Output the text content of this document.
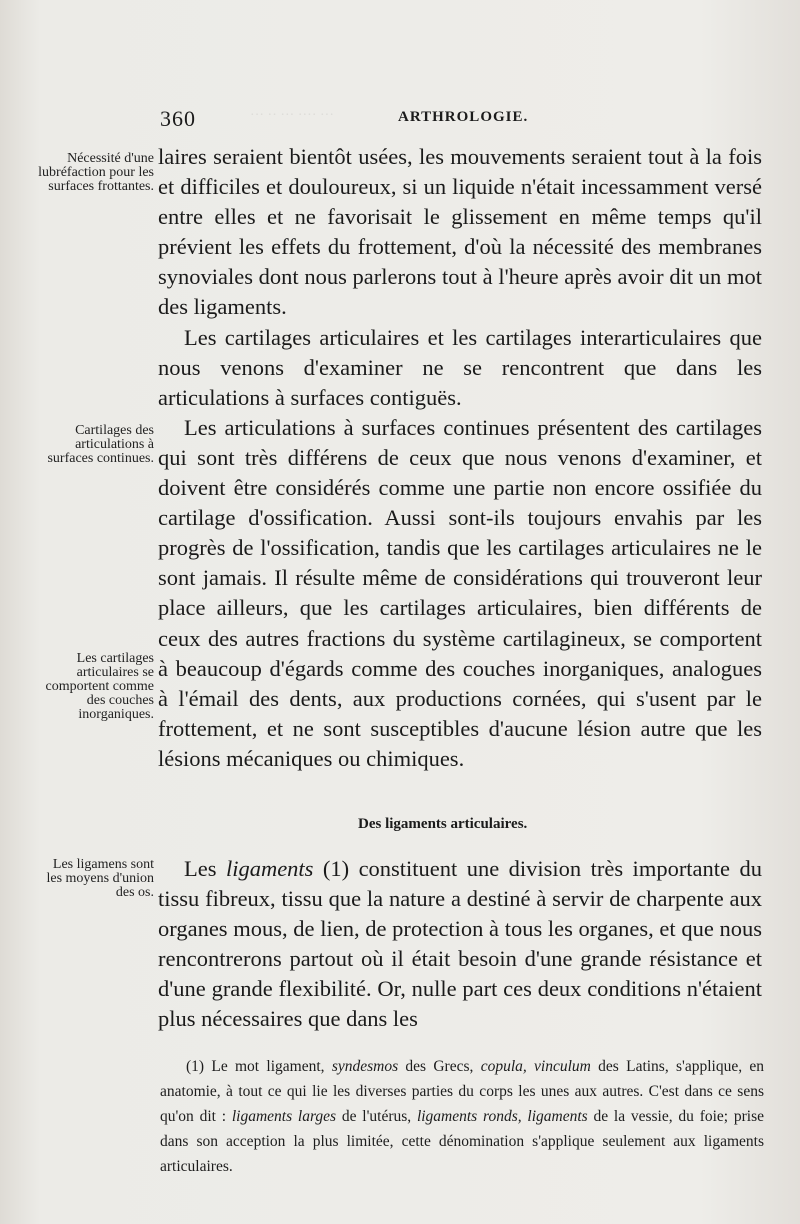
··· ···· ··· ·· ···
360	ARTHROLOGIE.
Nécessité d'une lubréfaction pour les surfaces frottantes.
Cartilages des articulations à surfaces continues.
Les cartilages articulaires se comportent comme des couches inorganiques.
Les ligamens sont les moyens d'union des os.

laires seraient bientôt usées, les mouvements seraient tout à la fois et difficiles et douloureux, si un liquide n'était incessamment versé entre elles et ne favorisait le glissement en même temps qu'il prévient les effets du frottement, d'où la nécessité des membranes synoviales dont nous parlerons tout à l'heure après avoir dit un mot des ligaments.

Les cartilages articulaires et les cartilages interarticulaires que nous venons d'examiner ne se rencontrent que dans les articulations à surfaces contiguës.

Les articulations à surfaces continues présentent des cartilages qui sont très différens de ceux que nous venons d'examiner, et doivent être considérés comme une partie non encore ossifiée du cartilage d'ossification. Aussi sont-ils toujours envahis par les progrès de l'ossification, tandis que les cartilages articulaires ne le sont jamais. Il résulte même de considérations qui trouveront leur place ailleurs, que les cartilages articulaires, bien différents de ceux des autres fractions du système cartilagineux, se comportent à beaucoup d'égards comme des couches inorganiques, analogues à l'émail des dents, aux productions cornées, qui s'usent par le frottement, et ne sont susceptibles d'aucune lésion autre que les lésions mécaniques ou chimiques.

Des ligaments articulaires.

Les ligaments (1) constituent une division très importante du tissu fibreux, tissu que la nature a destiné à servir de charpente aux organes mous, de lien, de protection à tous les organes, et que nous rencontrerons partout où il était besoin d'une grande résistance et d'une grande flexibilité. Or, nulle part ces deux conditions n'étaient plus nécessaires que dans les

(1) Le mot ligament, syndesmos des Grecs, copula, vinculum des Latins, s'applique, en anatomie, à tout ce qui lie les diverses parties du corps les unes aux autres. C'est dans ce sens qu'on dit : ligaments larges de l'utérus, ligaments ronds, ligaments de la vessie, du foie; prise dans son acception la plus limitée, cette dénomination s'applique seulement aux ligaments articulaires.
